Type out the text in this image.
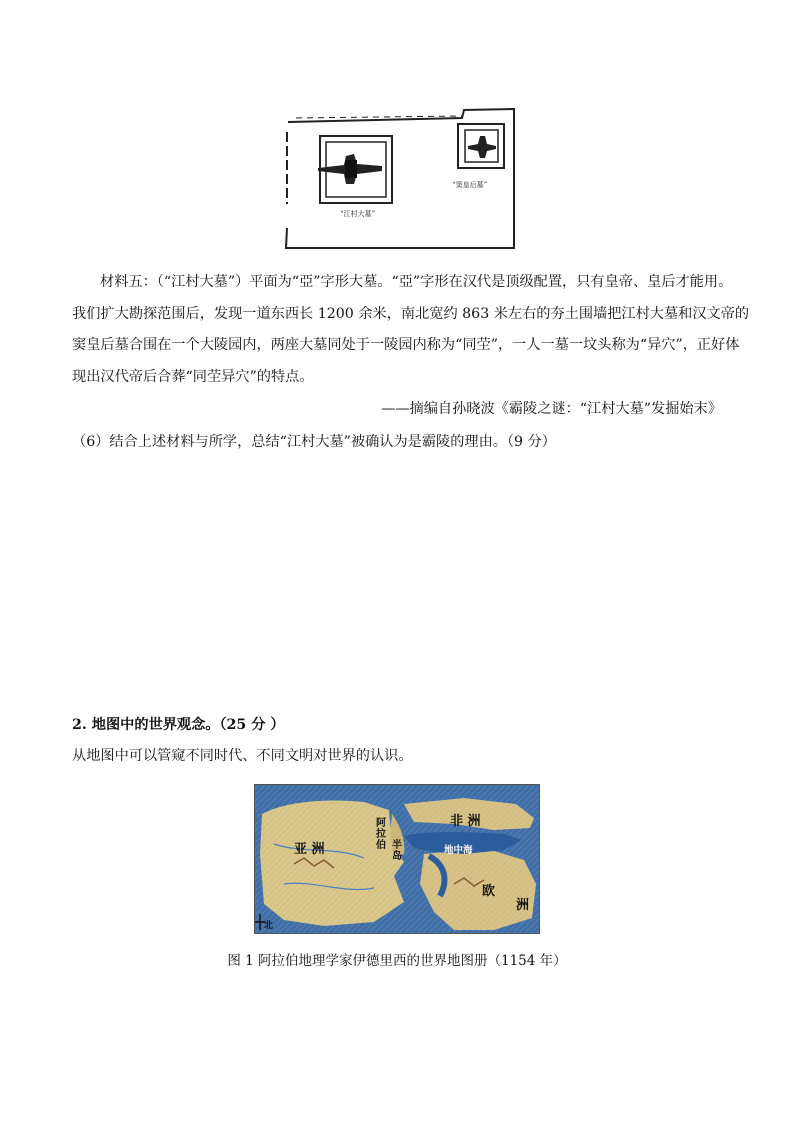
“江村大墓”
“窦皇后墓”

材料五：（“江村大墓”）平面为“亞”字形大墓。“亞”字形在汉代是顶级配置，只有皇帝、皇后才能用。

我们扩大勘探范围后，发现一道东西长 1200 余米，南北宽约 863 米左右的夯土围墙把江村大墓和汉文帝的

窦皇后墓合围在一个大陵园内，两座大墓同处于一陵园内称为“同茔”，一人一墓一坟头称为“异穴”，正好体

现出汉代帝后合葬“同茔异穴”的特点。

——摘编自孙晓波《霸陵之谜：“江村大墓”发掘始末》
（6）结合上述材料与所学，总结“江村大墓”被确认为是霸陵的理由。（9 分）
2. 地图中的世界观念。（25 分 ）
从地图中可以管窥不同时代、不同文明对世界的认识。
亚 洲
阿
拉
伯 半
岛
非 洲
地中海
欧
洲
北
图 1 阿拉伯地理学家伊德里西的世界地图册（1154 年）
